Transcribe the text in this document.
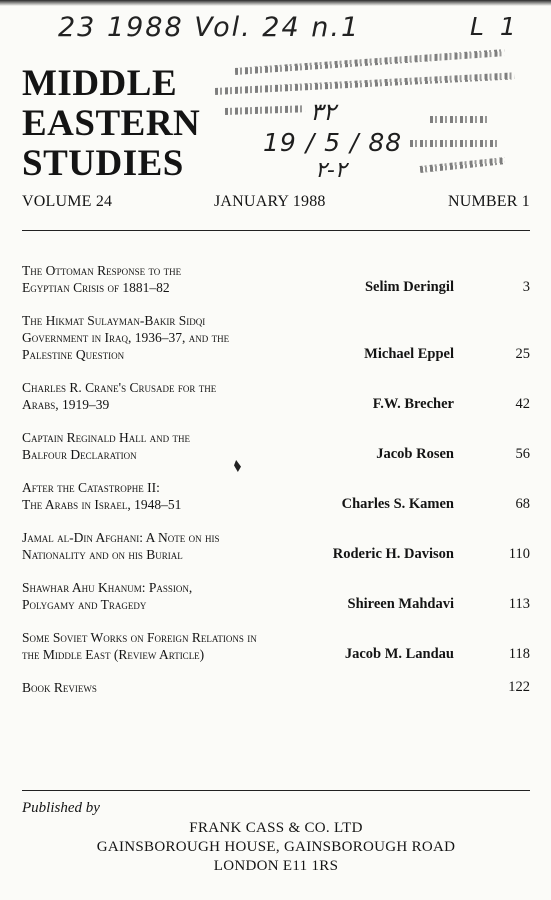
23 1988 Vol. 24 n.1	L 1
MIDDLE
EASTERN
STUDIES
٣٢
19 / 5 / 88
٢-٢
VOLUME 24	JANUARY 1988	NUMBER 1
The Ottoman Response to the
Egyptian Crisis of 1881–82	Selim Deringil	3
The Hikmat Sulayman-Bakir Sidqi
Government in Iraq, 1936–37, and the
Palestine Question	Michael Eppel	25
Charles R. Crane's Crusade for the
Arabs, 1919–39	F.W. Brecher	42
Captain Reginald Hall and the
Balfour Declaration	Jacob Rosen	56
After the Catastrophe II:
The Arabs in Israel, 1948–51	Charles S. Kamen	68
Jamal al-Din Afghani: A Note on his
Nationality and on his Burial	Roderic H. Davison	110
Shawhar Ahu Khanum: Passion,
Polygamy and Tragedy	Shireen Mahdavi	113
Some Soviet Works on Foreign Relations in
the Middle East (Review Article)	Jacob M. Landau	118
Book Reviews	122
Published by
FRANK CASS & CO. LTD
GAINSBOROUGH HOUSE, GAINSBOROUGH ROAD
LONDON E11 1RS
